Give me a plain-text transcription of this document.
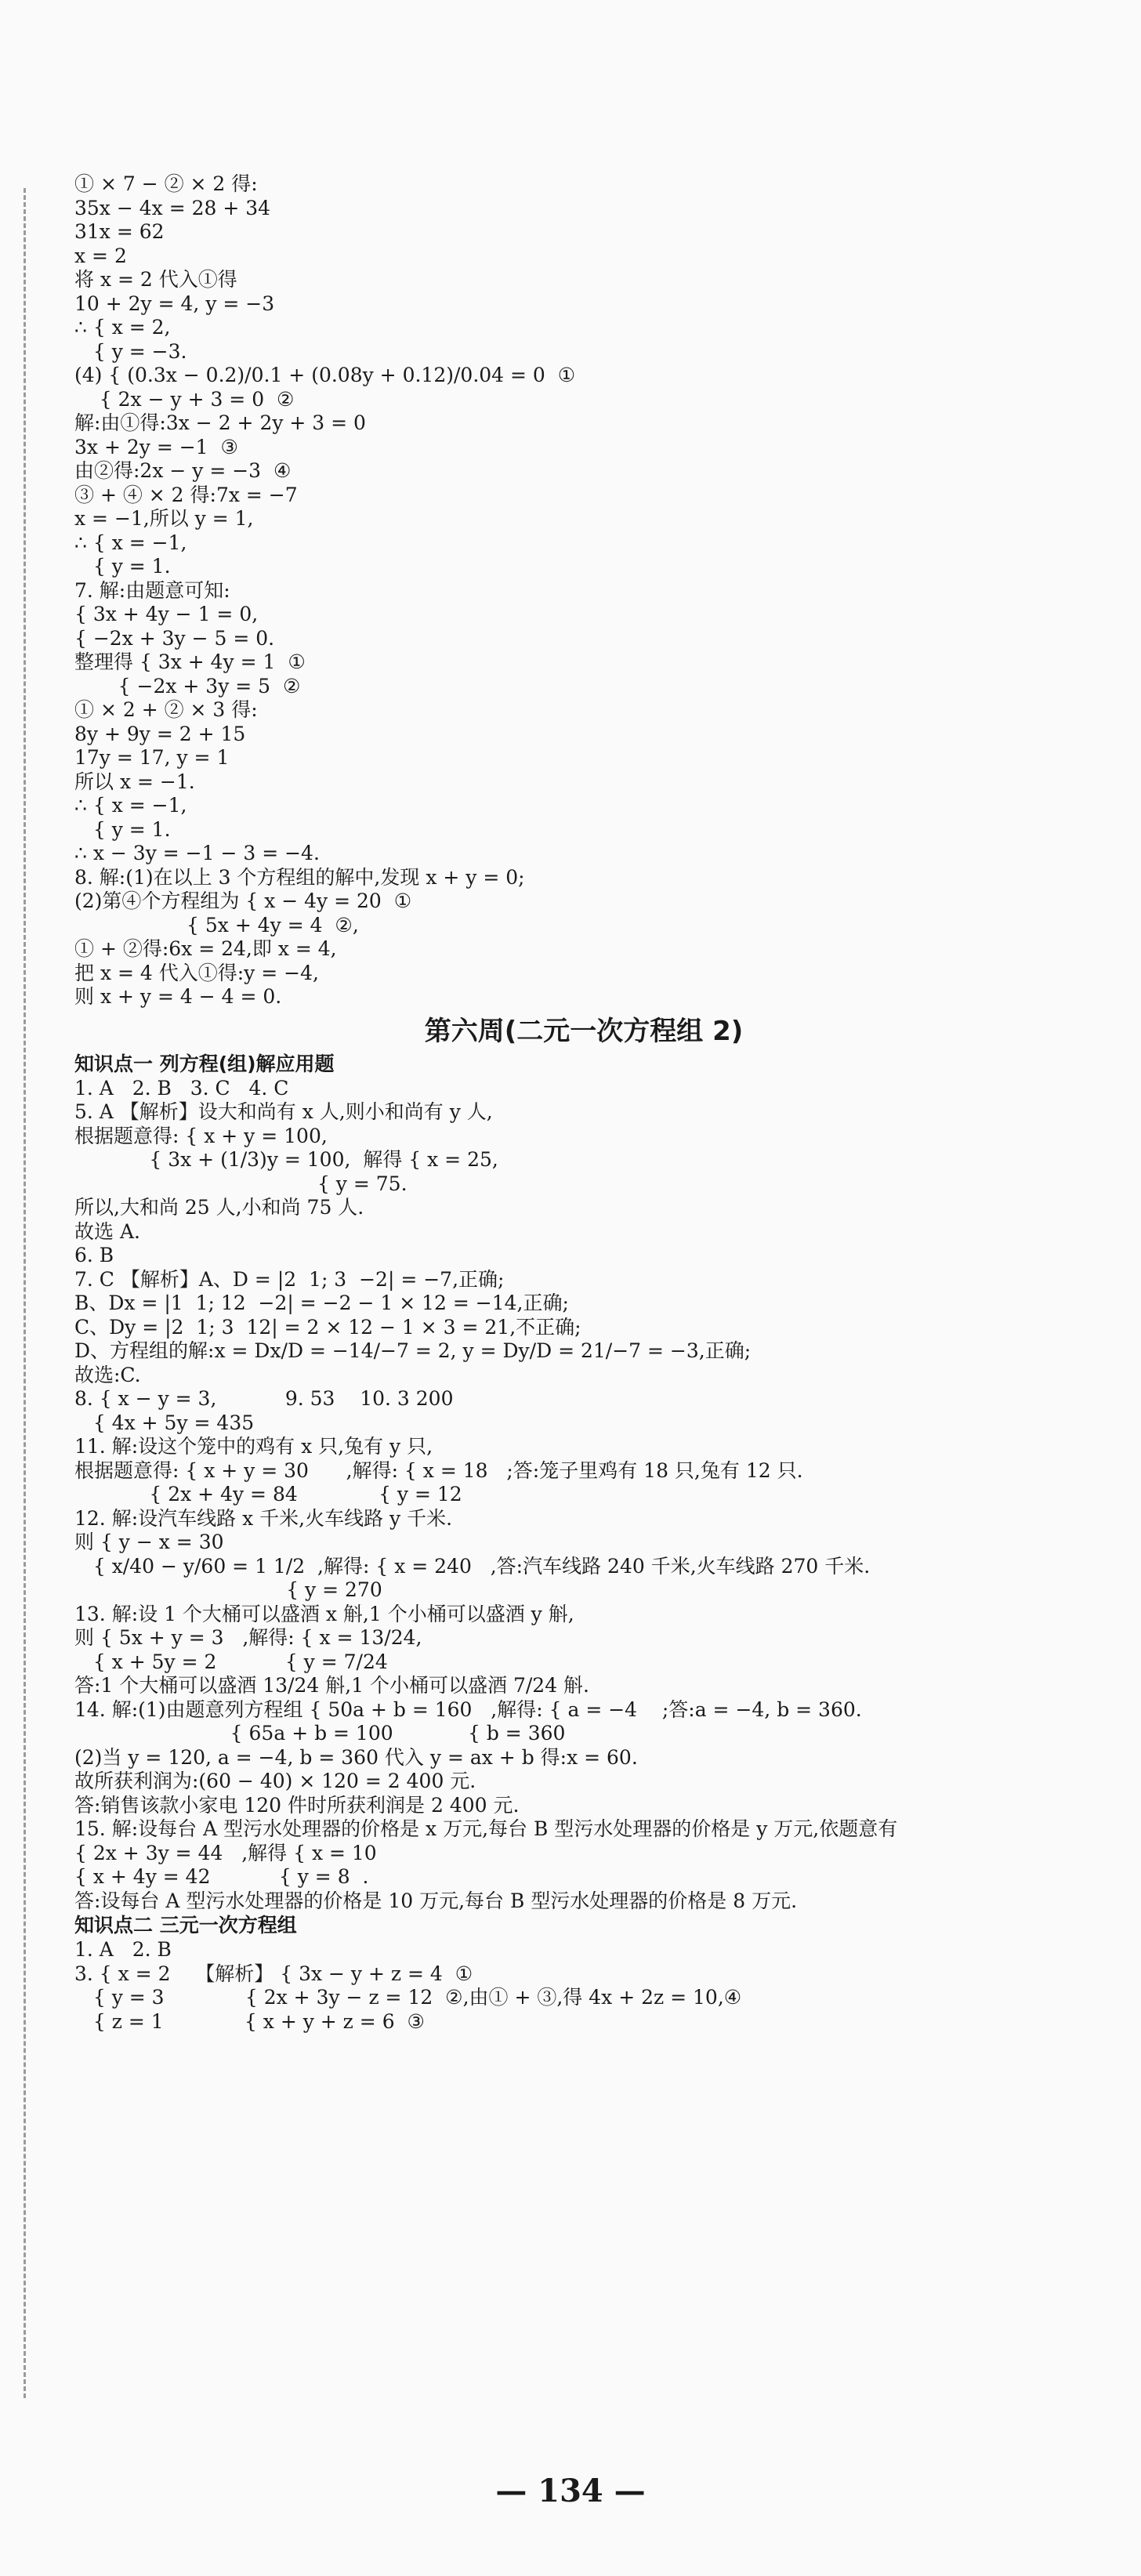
① × 7 − ② × 2 得:
35x − 4x = 28 + 34
31x = 62
x = 2
将 x = 2 代入①得
10 + 2y = 4, y = −3
∴ { x = 2,
{ y = −3.
(4) { (0.3x − 0.2)/0.1 + (0.08y + 0.12)/0.04 = 0  ①
{ 2x − y + 3 = 0  ②
解:由①得:3x − 2 + 2y + 3 = 0
3x + 2y = −1  ③
由②得:2x − y = −3  ④
③ + ④ × 2 得:7x = −7
x = −1,所以 y = 1,
∴ { x = −1,
{ y = 1.
7. 解:由题意可知:
{ 3x + 4y − 1 = 0,
{ −2x + 3y − 5 = 0.
整理得 { 3x + 4y = 1  ①
{ −2x + 3y = 5  ②
① × 2 + ② × 3 得:
8y + 9y = 2 + 15
17y = 17, y = 1
所以 x = −1.
∴ { x = −1,
{ y = 1.
∴ x − 3y = −1 − 3 = −4.
8. 解:(1)在以上 3 个方程组的解中,发现 x + y = 0;
(2)第④个方程组为 { x − 4y = 20  ①
{ 5x + 4y = 4  ②,
① + ②得:6x = 24,即 x = 4,
把 x = 4 代入①得:y = −4,
则 x + y = 4 − 4 = 0.
第六周(二元一次方程组 2)
知识点一 列方程(组)解应用题
1. A   2. B   3. C   4. C
5. A 【解析】设大和尚有 x 人,则小和尚有 y 人,
根据题意得: { x + y = 100,
{ 3x + (1/3)y = 100,  解得 { x = 25,
{ y = 75.
所以,大和尚 25 人,小和尚 75 人.
故选 A.
6. B
7. C 【解析】A、D = |2  1; 3  −2| = −7,正确;
B、Dx = |1  1; 12  −2| = −2 − 1 × 12 = −14,正确;
C、Dy = |2  1; 3  12| = 2 × 12 − 1 × 3 = 21,不正确;
D、方程组的解:x = Dx/D = −14/−7 = 2, y = Dy/D = 21/−7 = −3,正确;
故选:C.
8. { x − y = 3,           9. 53    10. 3 200
{ 4x + 5y = 435
11. 解:设这个笼中的鸡有 x 只,兔有 y 只,
根据题意得: { x + y = 30      ,解得: { x = 18   ;答:笼子里鸡有 18 只,兔有 12 只.
{ 2x + 4y = 84             { y = 12
12. 解:设汽车线路 x 千米,火车线路 y 千米.
则 { y − x = 30
{ x/40 − y/60 = 1 1/2  ,解得: { x = 240   ,答:汽车线路 240 千米,火车线路 270 千米.
{ y = 270
13. 解:设 1 个大桶可以盛酒 x 斛,1 个小桶可以盛酒 y 斛,
则 { 5x + y = 3   ,解得: { x = 13/24,
{ x + 5y = 2           { y = 7/24
答:1 个大桶可以盛酒 13/24 斛,1 个小桶可以盛酒 7/24 斛.
14. 解:(1)由题意列方程组 { 50a + b = 160   ,解得: { a = −4    ;答:a = −4, b = 360.
{ 65a + b = 100            { b = 360
(2)当 y = 120, a = −4, b = 360 代入 y = ax + b 得:x = 60.
故所获利润为:(60 − 40) × 120 = 2 400 元.
答:销售该款小家电 120 件时所获利润是 2 400 元.
15. 解:设每台 A 型污水处理器的价格是 x 万元,每台 B 型污水处理器的价格是 y 万元,依题意有
{ 2x + 3y = 44   ,解得 { x = 10
{ x + 4y = 42           { y = 8  .
答:设每台 A 型污水处理器的价格是 10 万元,每台 B 型污水处理器的价格是 8 万元.
知识点二 三元一次方程组
1. A   2. B
3. { x = 2    【解析】 { 3x − y + z = 4  ①
{ y = 3             { 2x + 3y − z = 12  ②,由① + ③,得 4x + 2z = 10,④
{ z = 1             { x + y + z = 6  ③
— 134 —
